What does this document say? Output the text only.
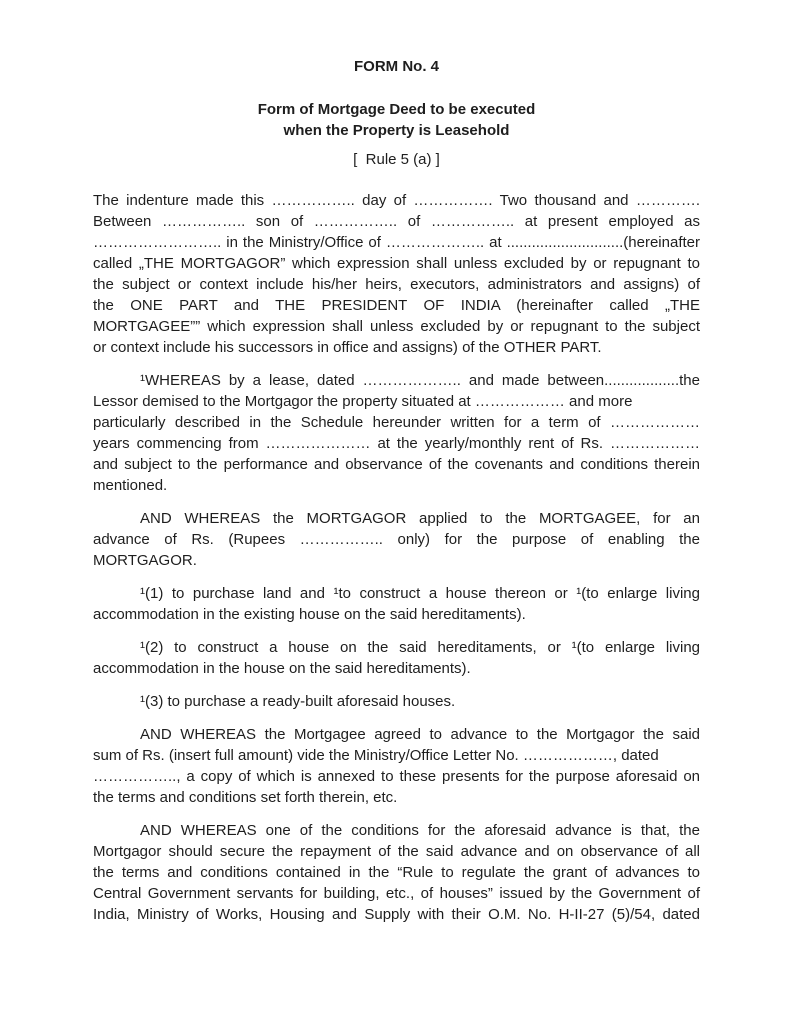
FORM No. 4
Form of Mortgage Deed to be executed
when the Property is Leasehold
[  Rule 5 (a) ]
The indenture made this …………….. day of ……………. Two thousand and ………….
Between …………….. son of …………….. of …………….. at present employed as
…………………….. in the Ministry/Office of ……………….. at ............................(hereinafter
called „THE MORTGAGOR” which expression shall unless excluded by or repugnant to
the subject or context include his/her heirs, executors, administrators and assigns) of
the ONE PART and THE PRESIDENT OF INDIA (hereinafter called „THE
MORTGAGEE”” which expression shall unless excluded by or repugnant to the subject
or context include his successors in office and assigns) of the OTHER PART.
¹WHEREAS by a lease, dated ……………….. and made between..................the
Lessor demised to the Mortgagor the property situated at ……………… and more
particularly described in the Schedule hereunder written for a term of ………………
years commencing from ………………… at the yearly/monthly rent of Rs. ………………
and subject to the performance and observance of the covenants and conditions therein
mentioned.
AND WHEREAS the MORTGAGOR applied to the MORTGAGEE, for an
advance of Rs. (Rupees …………….. only) for the purpose of enabling the
MORTGAGOR.
¹(1) to purchase land and ¹to construct a house thereon or ¹(to enlarge living
accommodation in the existing house on the said hereditaments).
¹(2) to construct a house on the said hereditaments, or ¹(to enlarge living
accommodation in the house on the said hereditaments).
¹(3) to purchase a ready-built aforesaid houses.
AND WHEREAS the Mortgagee agreed to advance to the Mortgagor the said
sum of Rs. (insert full amount) vide the Ministry/Office Letter No. ………………, dated
…………….., a copy of which is annexed to these presents for the purpose aforesaid on
the terms and conditions set forth therein, etc.
AND WHEREAS one of the conditions for the aforesaid advance is that, the
Mortgagor should secure the repayment of the said advance and on observance of all
the terms and conditions contained in the “Rule to regulate the grant of advances to
Central Government servants for building, etc., of houses” issued by the Government of
India, Ministry of Works, Housing and Supply with their O.M. No. H-II-27 (5)/54, dated
